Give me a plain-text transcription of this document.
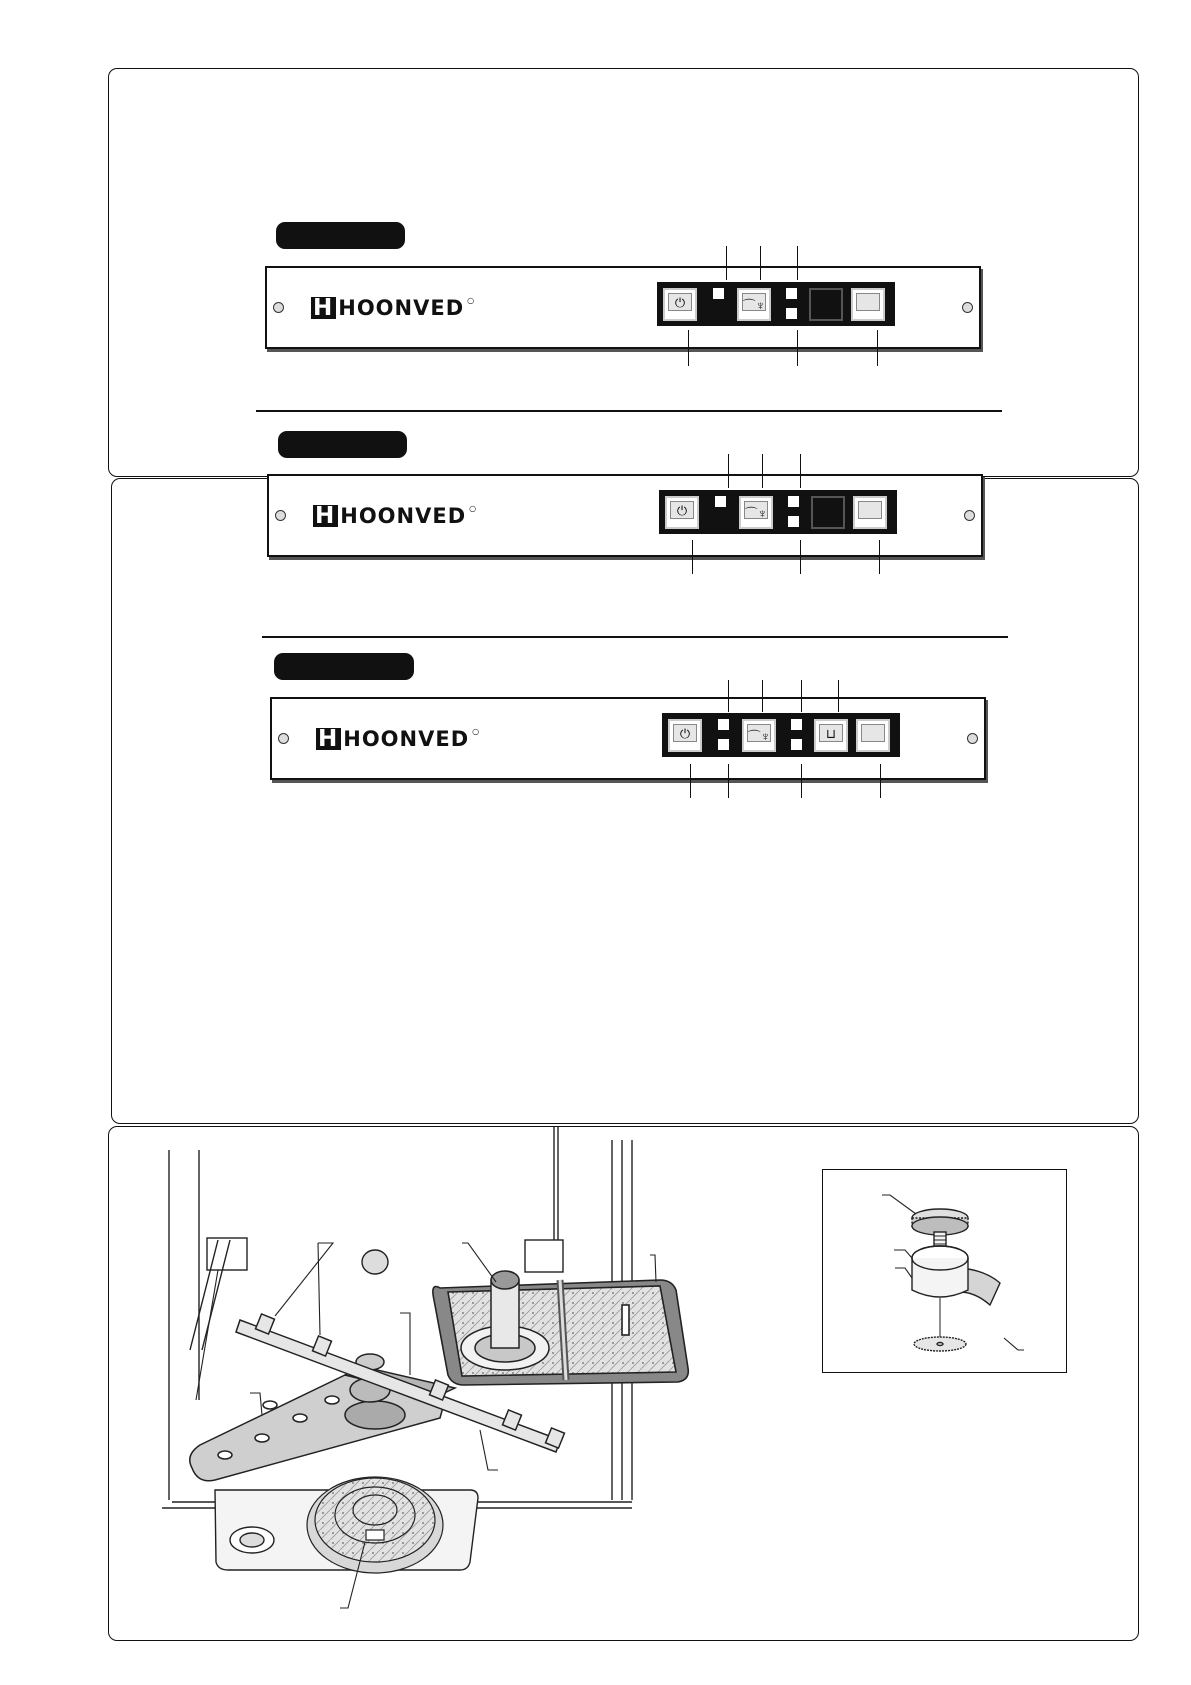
H HOONVED ○	⏻	⌒♆
H HOONVED ○	⏻	⌒♆
H HOONVED ○	⏻	⌒♆	⊔
